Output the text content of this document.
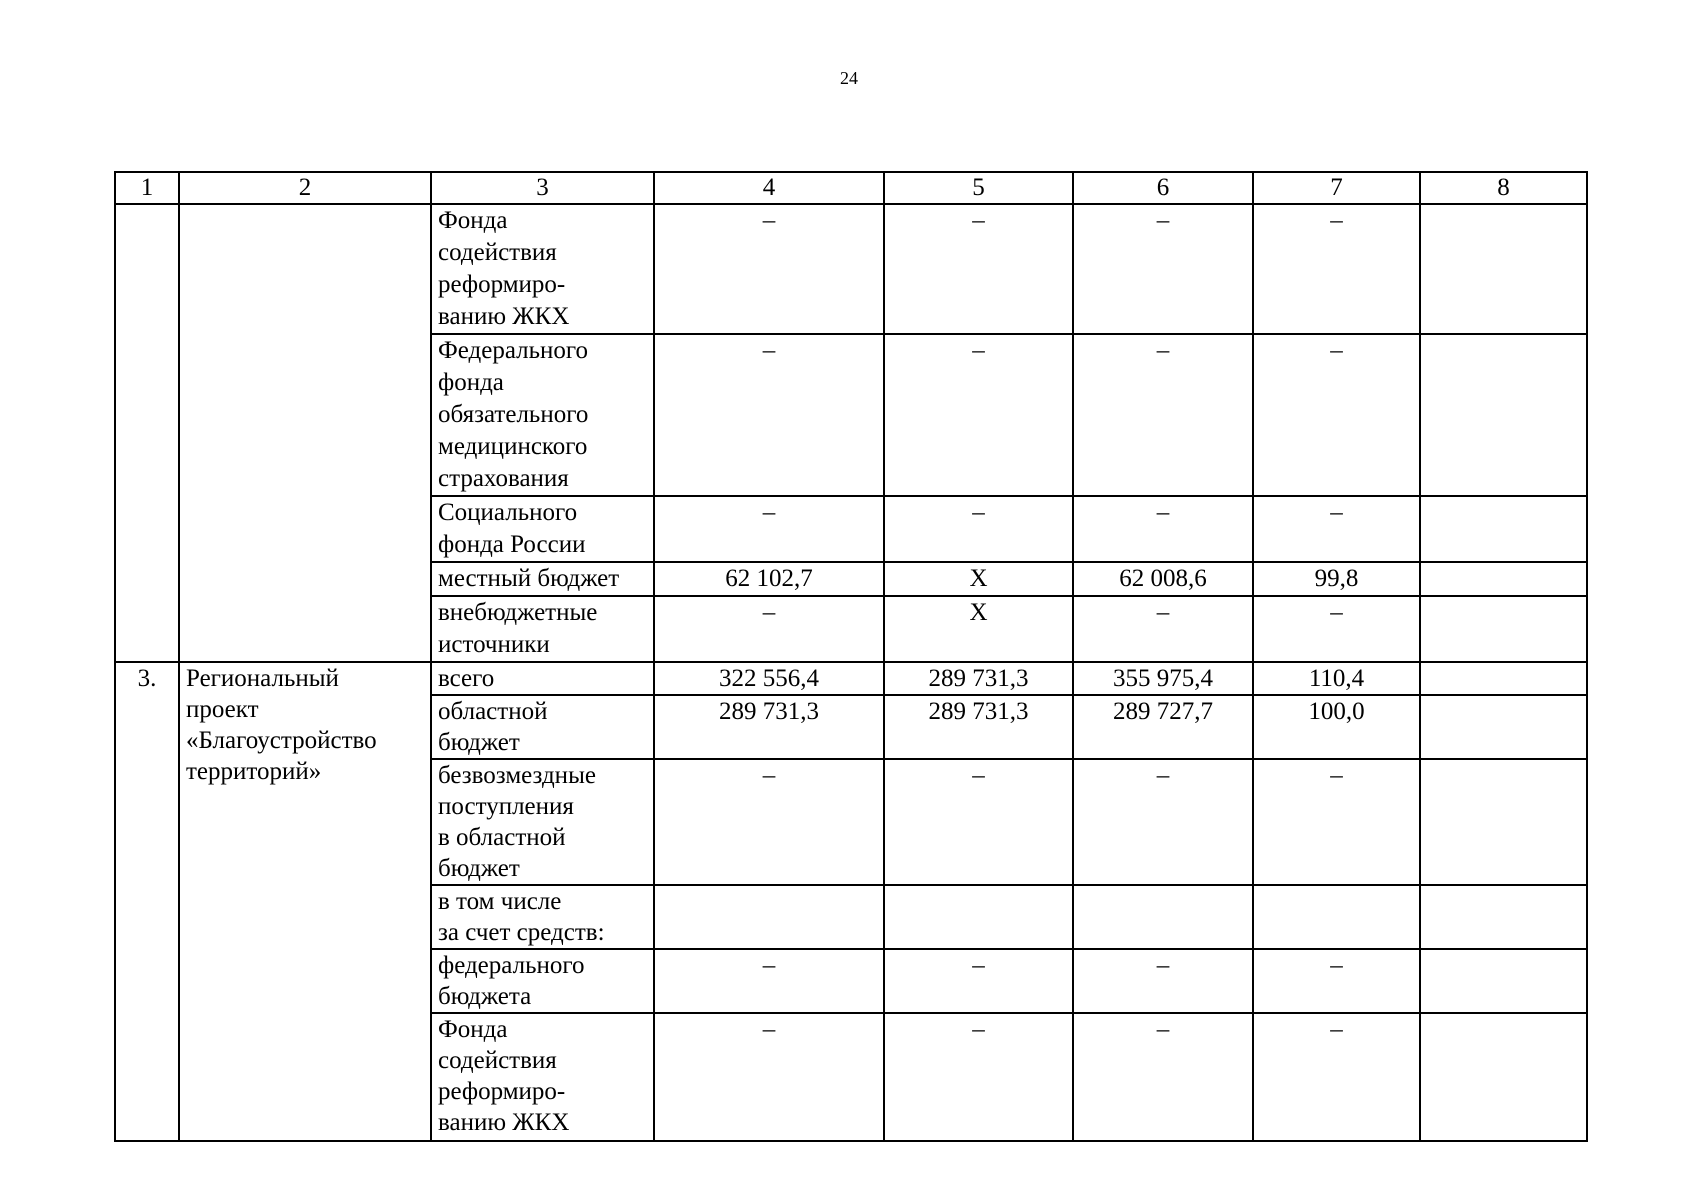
24
1	2	3	4	5	6	7	8
		Фонда
содействия
реформиро-
ванию ЖКХ	–	–	–	–	
		Федерального
фонда
обязательного
медицинского
страхования	–	–	–	–	
		Социального
фонда России	–	–	–	–	
		местный бюджет	62 102,7	Х	62 008,6	99,8	
		внебюджетные
источники	–	Х	–	–	
3.	Региональный
проект
«Благоустройство
территорий»	всего	322 556,4	289 731,3	355 975,4	110,4	
		областной
бюджет	289 731,3	289 731,3	289 727,7	100,0	
		безвозмездные
поступления
в областной
бюджет	–	–	–	–	
		в том числе
за счет средств:					
		федерального
бюджета	–	–	–	–	
		Фонда
содействия
реформиро-
ванию ЖКХ	–	–	–	–	
